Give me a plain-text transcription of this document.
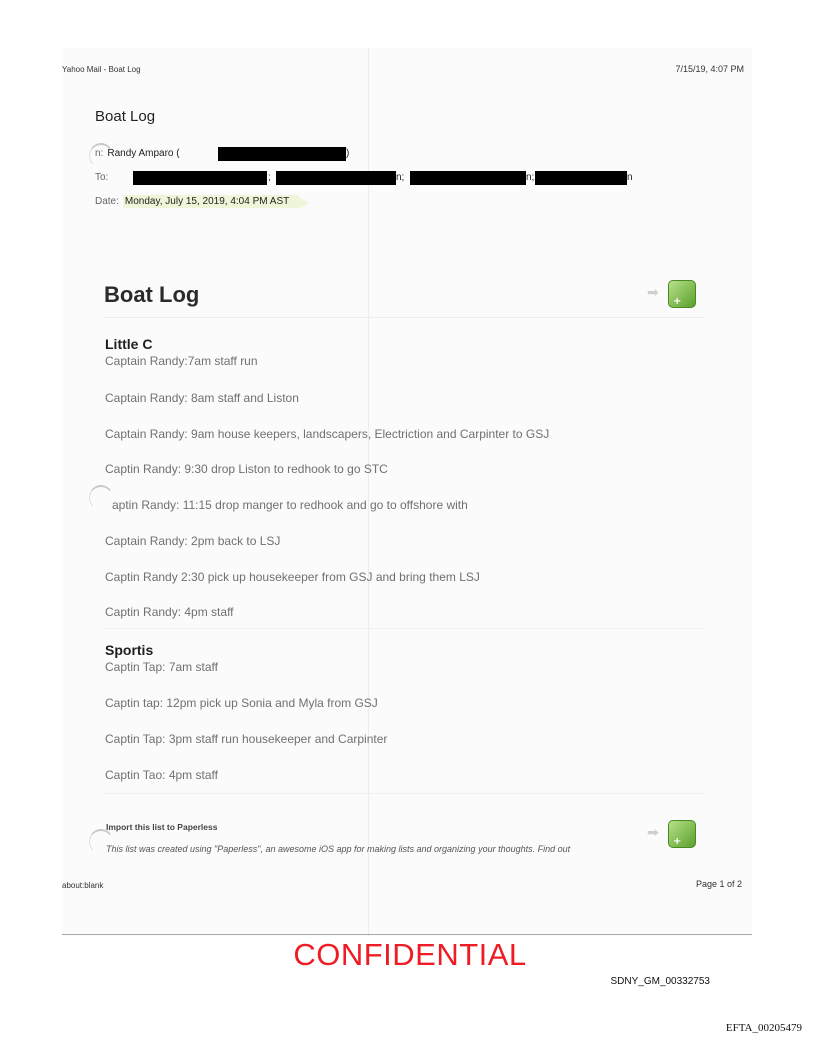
Yahoo Mail - Boat Log	7/15/19, 4:07 PM
Boat Log
n: Randy Amparo (	)
To:	;	n;	n;	n
Date: Monday, July 15, 2019, 4:04 PM AST
Boat Log	➡
+
Little C
Captain Randy:7am staff run
Captain Randy: 8am staff and Liston
Captain Randy: 9am house keepers, landscapers, Electriction and Carpinter to GSJ
Captin Randy: 9:30 drop Liston to redhook to go STC
aptin Randy: 11:15 drop manger to redhook and go to offshore with
Captain Randy: 2pm back to LSJ
Captin Randy 2:30 pick up housekeeper from GSJ and bring them LSJ
Captin Randy: 4pm staff
Sportis
Captin Tap: 7am staff
Captin tap: 12pm pick up Sonia and Myla from GSJ
Captin Tap: 3pm staff run housekeeper and Carpinter
Captin Tao: 4pm staff
Import this list to Paperless
This list was created using "Paperless", an awesome iOS app for making lists and organizing your thoughts. Find out
➡
+
about:blank	Page 1 of 2
CONFIDENTIAL
SDNY_GM_00332753
EFTA_00205479
